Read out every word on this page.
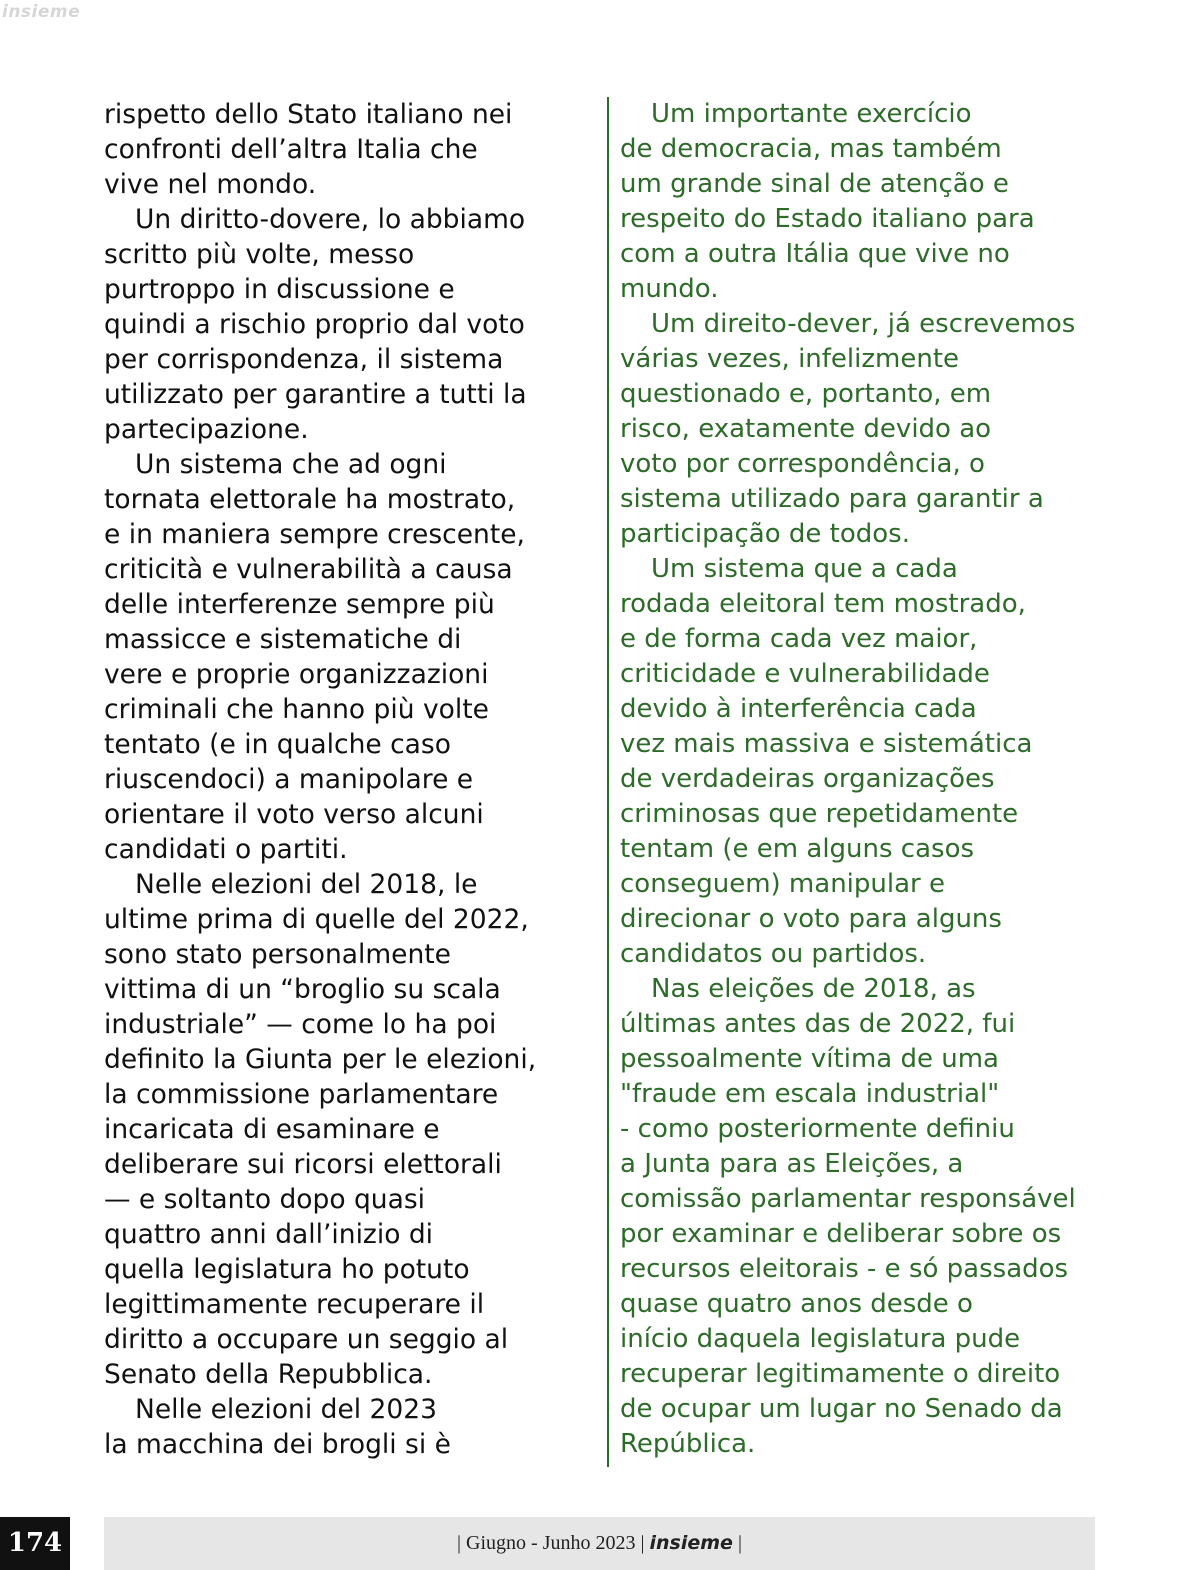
insieme
rispetto dello Stato italiano nei
confronti dell’altra Italia che
vive nel mondo.
Un diritto-dovere, lo abbiamo
scritto più volte, messo
purtroppo in discussione e
quindi a rischio proprio dal voto
per corrispondenza, il sistema
utilizzato per garantire a tutti la
partecipazione.
Un sistema che ad ogni
tornata elettorale ha mostrato,
e in maniera sempre crescente,
criticità e vulnerabilità a causa
delle interferenze sempre più
massicce e sistematiche di
vere e proprie organizzazioni
criminali che hanno più volte
tentato (e in qualche caso
riuscendoci) a manipolare e
orientare il voto verso alcuni
candidati o partiti.
Nelle elezioni del 2018, le
ultime prima di quelle del 2022,
sono stato personalmente
vittima di un “broglio su scala
industriale” — come lo ha poi
definito la Giunta per le elezioni,
la commissione parlamentare
incaricata di esaminare e
deliberare sui ricorsi elettorali
— e soltanto dopo quasi
quattro anni dall’inizio di
quella legislatura ho potuto
legittimamente recuperare il
diritto a occupare un seggio al
Senato della Repubblica.
Nelle elezioni del 2023
la macchina dei brogli si è
Um importante exercício
de democracia, mas também
um grande sinal de atenção e
respeito do Estado italiano para
com a outra Itália que vive no
mundo.
Um direito-dever, já escrevemos
várias vezes, infelizmente
questionado e, portanto, em
risco, exatamente devido ao
voto por correspondência, o
sistema utilizado para garantir a
participação de todos.
Um sistema que a cada
rodada eleitoral tem mostrado,
e de forma cada vez maior,
criticidade e vulnerabilidade
devido à interferência cada
vez mais massiva e sistemática
de verdadeiras organizações
criminosas que repetidamente
tentam (e em alguns casos
conseguem) manipular e
direcionar o voto para alguns
candidatos ou partidos.
Nas eleições de 2018, as
últimas antes das de 2022, fui
pessoalmente vítima de uma
"fraude em escala industrial"
- como posteriormente definiu
a Junta para as Eleições, a
comissão parlamentar responsável
por examinar e deliberar sobre os
recursos eleitorais - e só passados
quase quatro anos desde o
início daquela legislatura pude
recuperar legitimamente o direito
de ocupar um lugar no Senado da
República.
174	| Giugno - Junho 2023 | insieme |
